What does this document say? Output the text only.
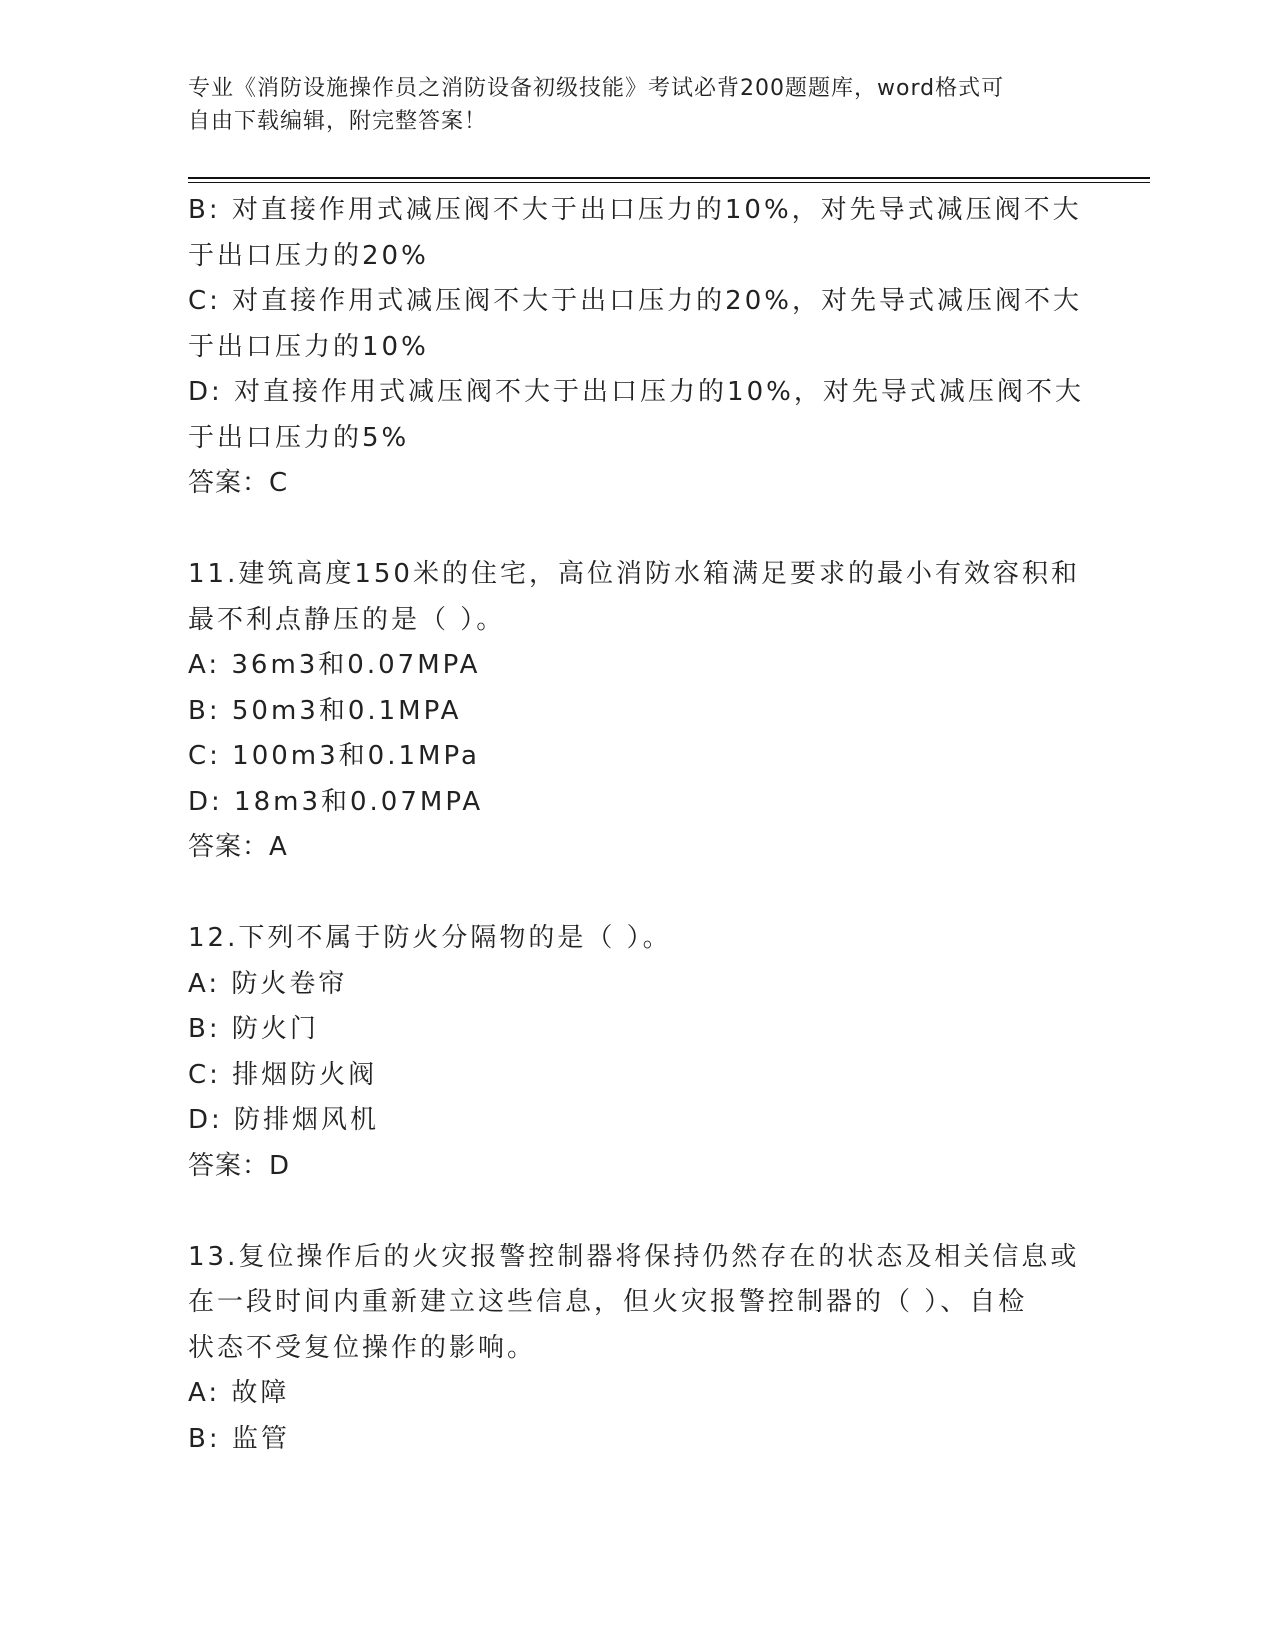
专业《消防设施操作员之消防设备初级技能》考试必背200题题库，word格式可
自由下载编辑，附完整答案！
B: 对直接作用式减压阀不大于出口压力的10%，对先导式减压阀不大
于出口压力的20%
C: 对直接作用式减压阀不大于出口压力的20%，对先导式减压阀不大
于出口压力的10%
D: 对直接作用式减压阀不大于出口压力的10%，对先导式减压阀不大
于出口压力的5%
答案：C
11.建筑高度150米的住宅，高位消防水箱满足要求的最小有效容积和
最不利点静压的是（ ）。
A: 36m3和0.07MPA
B: 50m3和0.1MPA
C: 100m3和0.1MPa
D: 18m3和0.07MPA
答案：A
12.下列不属于防火分隔物的是（ ）。
A: 防火卷帘
B: 防火门
C: 排烟防火阀
D: 防排烟风机
答案：D
13.复位操作后的火灾报警控制器将保持仍然存在的状态及相关信息或
在一段时间内重新建立这些信息，但火灾报警控制器的（ ）、自检
状态不受复位操作的影响。
A: 故障
B: 监管
